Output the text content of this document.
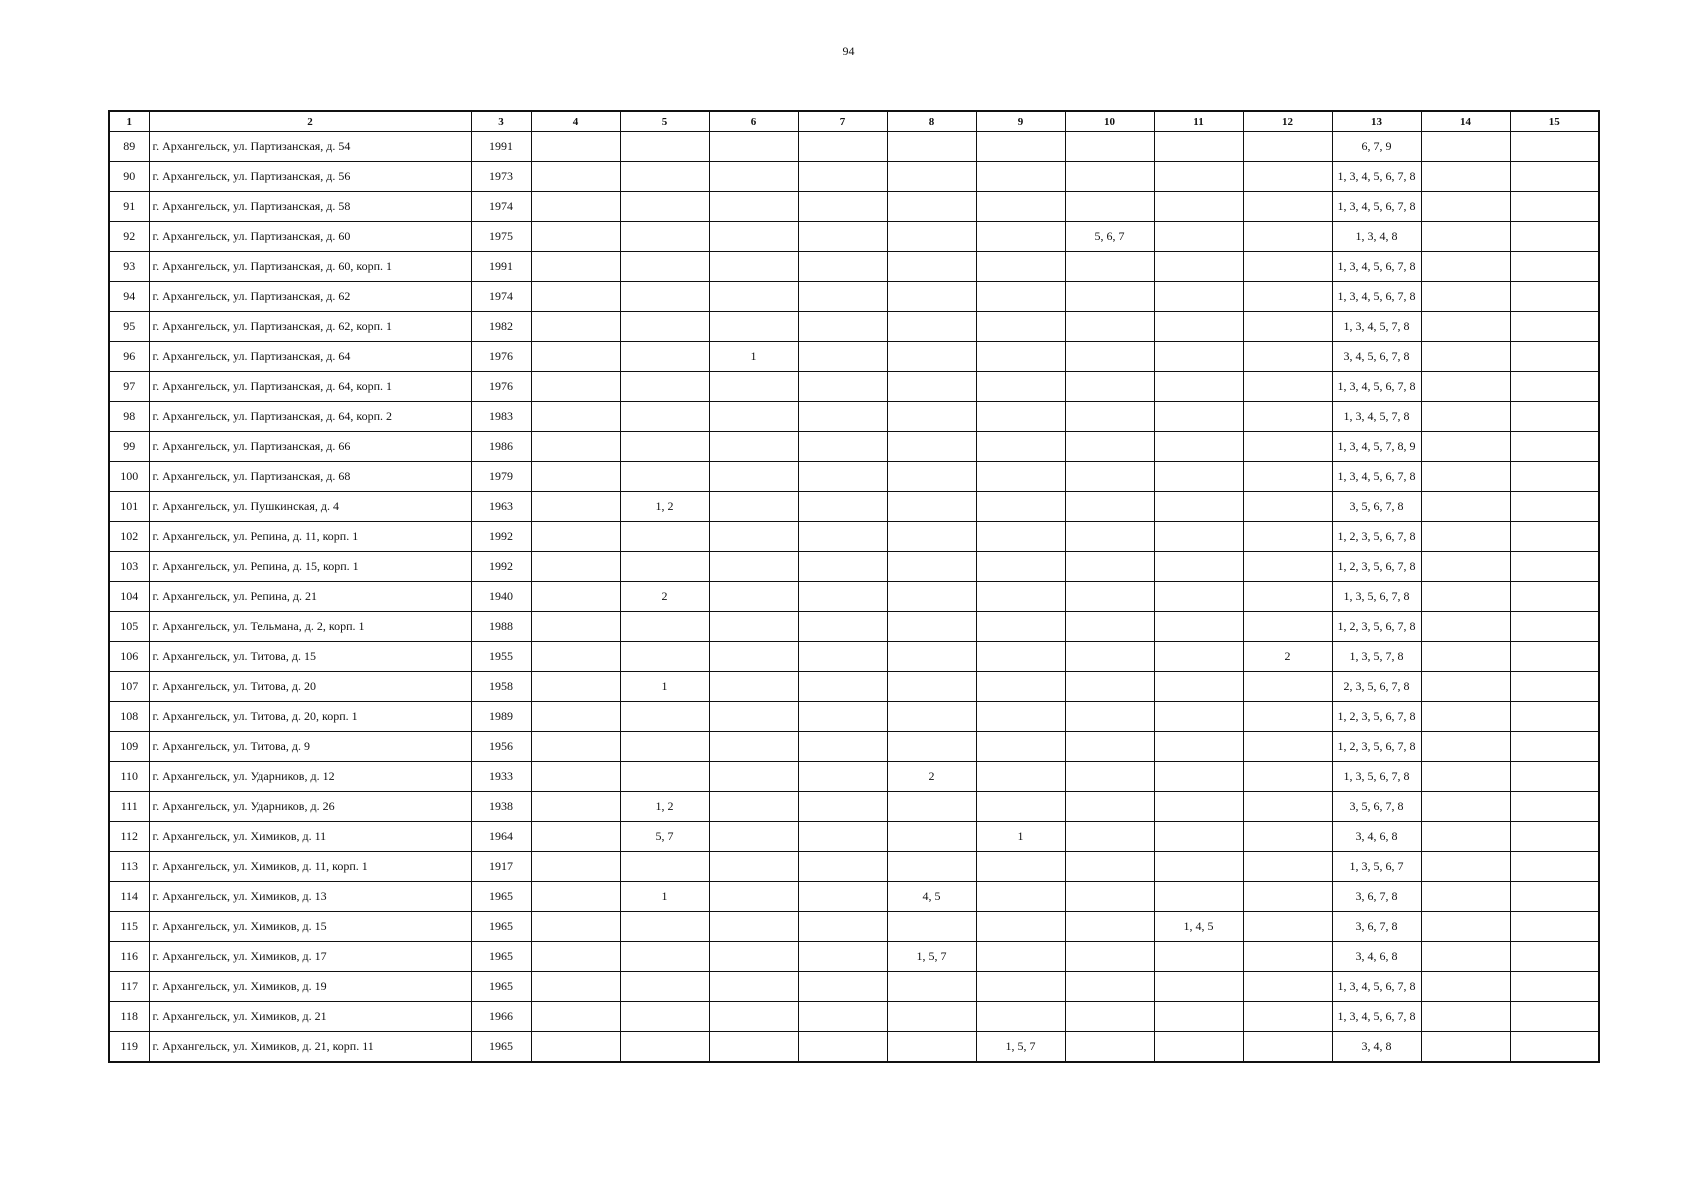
94
1	2	3	4	5	6	7	8	9	10	11	12	13	14	15
89	г. Архангельск, ул. Партизанская, д. 54	1991										6, 7, 9		
90	г. Архангельск, ул. Партизанская, д. 56	1973										1, 3, 4, 5, 6, 7, 8		
91	г. Архангельск, ул. Партизанская, д. 58	1974										1, 3, 4, 5, 6, 7, 8		
92	г. Архангельск, ул. Партизанская, д. 60	1975							5, 6, 7			1, 3, 4, 8		
93	г. Архангельск, ул. Партизанская, д. 60, корп. 1	1991										1, 3, 4, 5, 6, 7, 8		
94	г. Архангельск, ул. Партизанская, д. 62	1974										1, 3, 4, 5, 6, 7, 8		
95	г. Архангельск, ул. Партизанская, д. 62, корп. 1	1982										1, 3, 4, 5, 7, 8		
96	г. Архангельск, ул. Партизанская, д. 64	1976			1							3, 4, 5, 6, 7, 8		
97	г. Архангельск, ул. Партизанская, д. 64, корп. 1	1976										1, 3, 4, 5, 6, 7, 8		
98	г. Архангельск, ул. Партизанская, д. 64, корп. 2	1983										1, 3, 4, 5, 7, 8		
99	г. Архангельск, ул. Партизанская, д. 66	1986										1, 3, 4, 5, 7, 8, 9		
100	г. Архангельск, ул. Партизанская, д. 68	1979										1, 3, 4, 5, 6, 7, 8		
101	г. Архангельск, ул. Пушкинская, д. 4	1963		1, 2								3, 5, 6, 7, 8		
102	г. Архангельск, ул. Репина, д. 11, корп. 1	1992										1, 2, 3, 5, 6, 7, 8		
103	г. Архангельск, ул. Репина, д. 15, корп. 1	1992										1, 2, 3, 5, 6, 7, 8		
104	г. Архангельск, ул. Репина, д. 21	1940		2								1, 3, 5, 6, 7, 8		
105	г. Архангельск, ул. Тельмана, д. 2, корп. 1	1988										1, 2, 3, 5, 6, 7, 8		
106	г. Архангельск, ул. Титова, д. 15	1955									2	1, 3, 5, 7, 8		
107	г. Архангельск, ул. Титова, д. 20	1958		1								2, 3, 5, 6, 7, 8		
108	г. Архангельск, ул. Титова, д. 20, корп. 1	1989										1, 2, 3, 5, 6, 7, 8		
109	г. Архангельск, ул. Титова, д. 9	1956										1, 2, 3, 5, 6, 7, 8		
110	г. Архангельск, ул. Ударников, д. 12	1933					2					1, 3, 5, 6, 7, 8		
111	г. Архангельск, ул. Ударников, д. 26	1938		1, 2								3, 5, 6, 7, 8		
112	г. Архангельск, ул. Химиков, д. 11	1964		5, 7				1				3, 4, 6, 8		
113	г. Архангельск, ул. Химиков, д. 11, корп. 1	1917										1, 3, 5, 6, 7		
114	г. Архангельск, ул. Химиков, д. 13	1965		1			4, 5					3, 6, 7, 8		
115	г. Архангельск, ул. Химиков, д. 15	1965								1, 4, 5		3, 6, 7, 8		
116	г. Архангельск, ул. Химиков, д. 17	1965					1, 5, 7					3, 4, 6, 8		
117	г. Архангельск, ул. Химиков, д. 19	1965										1, 3, 4, 5, 6, 7, 8		
118	г. Архангельск, ул. Химиков, д. 21	1966										1, 3, 4, 5, 6, 7, 8		
119	г. Архангельск, ул. Химиков, д. 21, корп. 11	1965						1, 5, 7				3, 4, 8		
